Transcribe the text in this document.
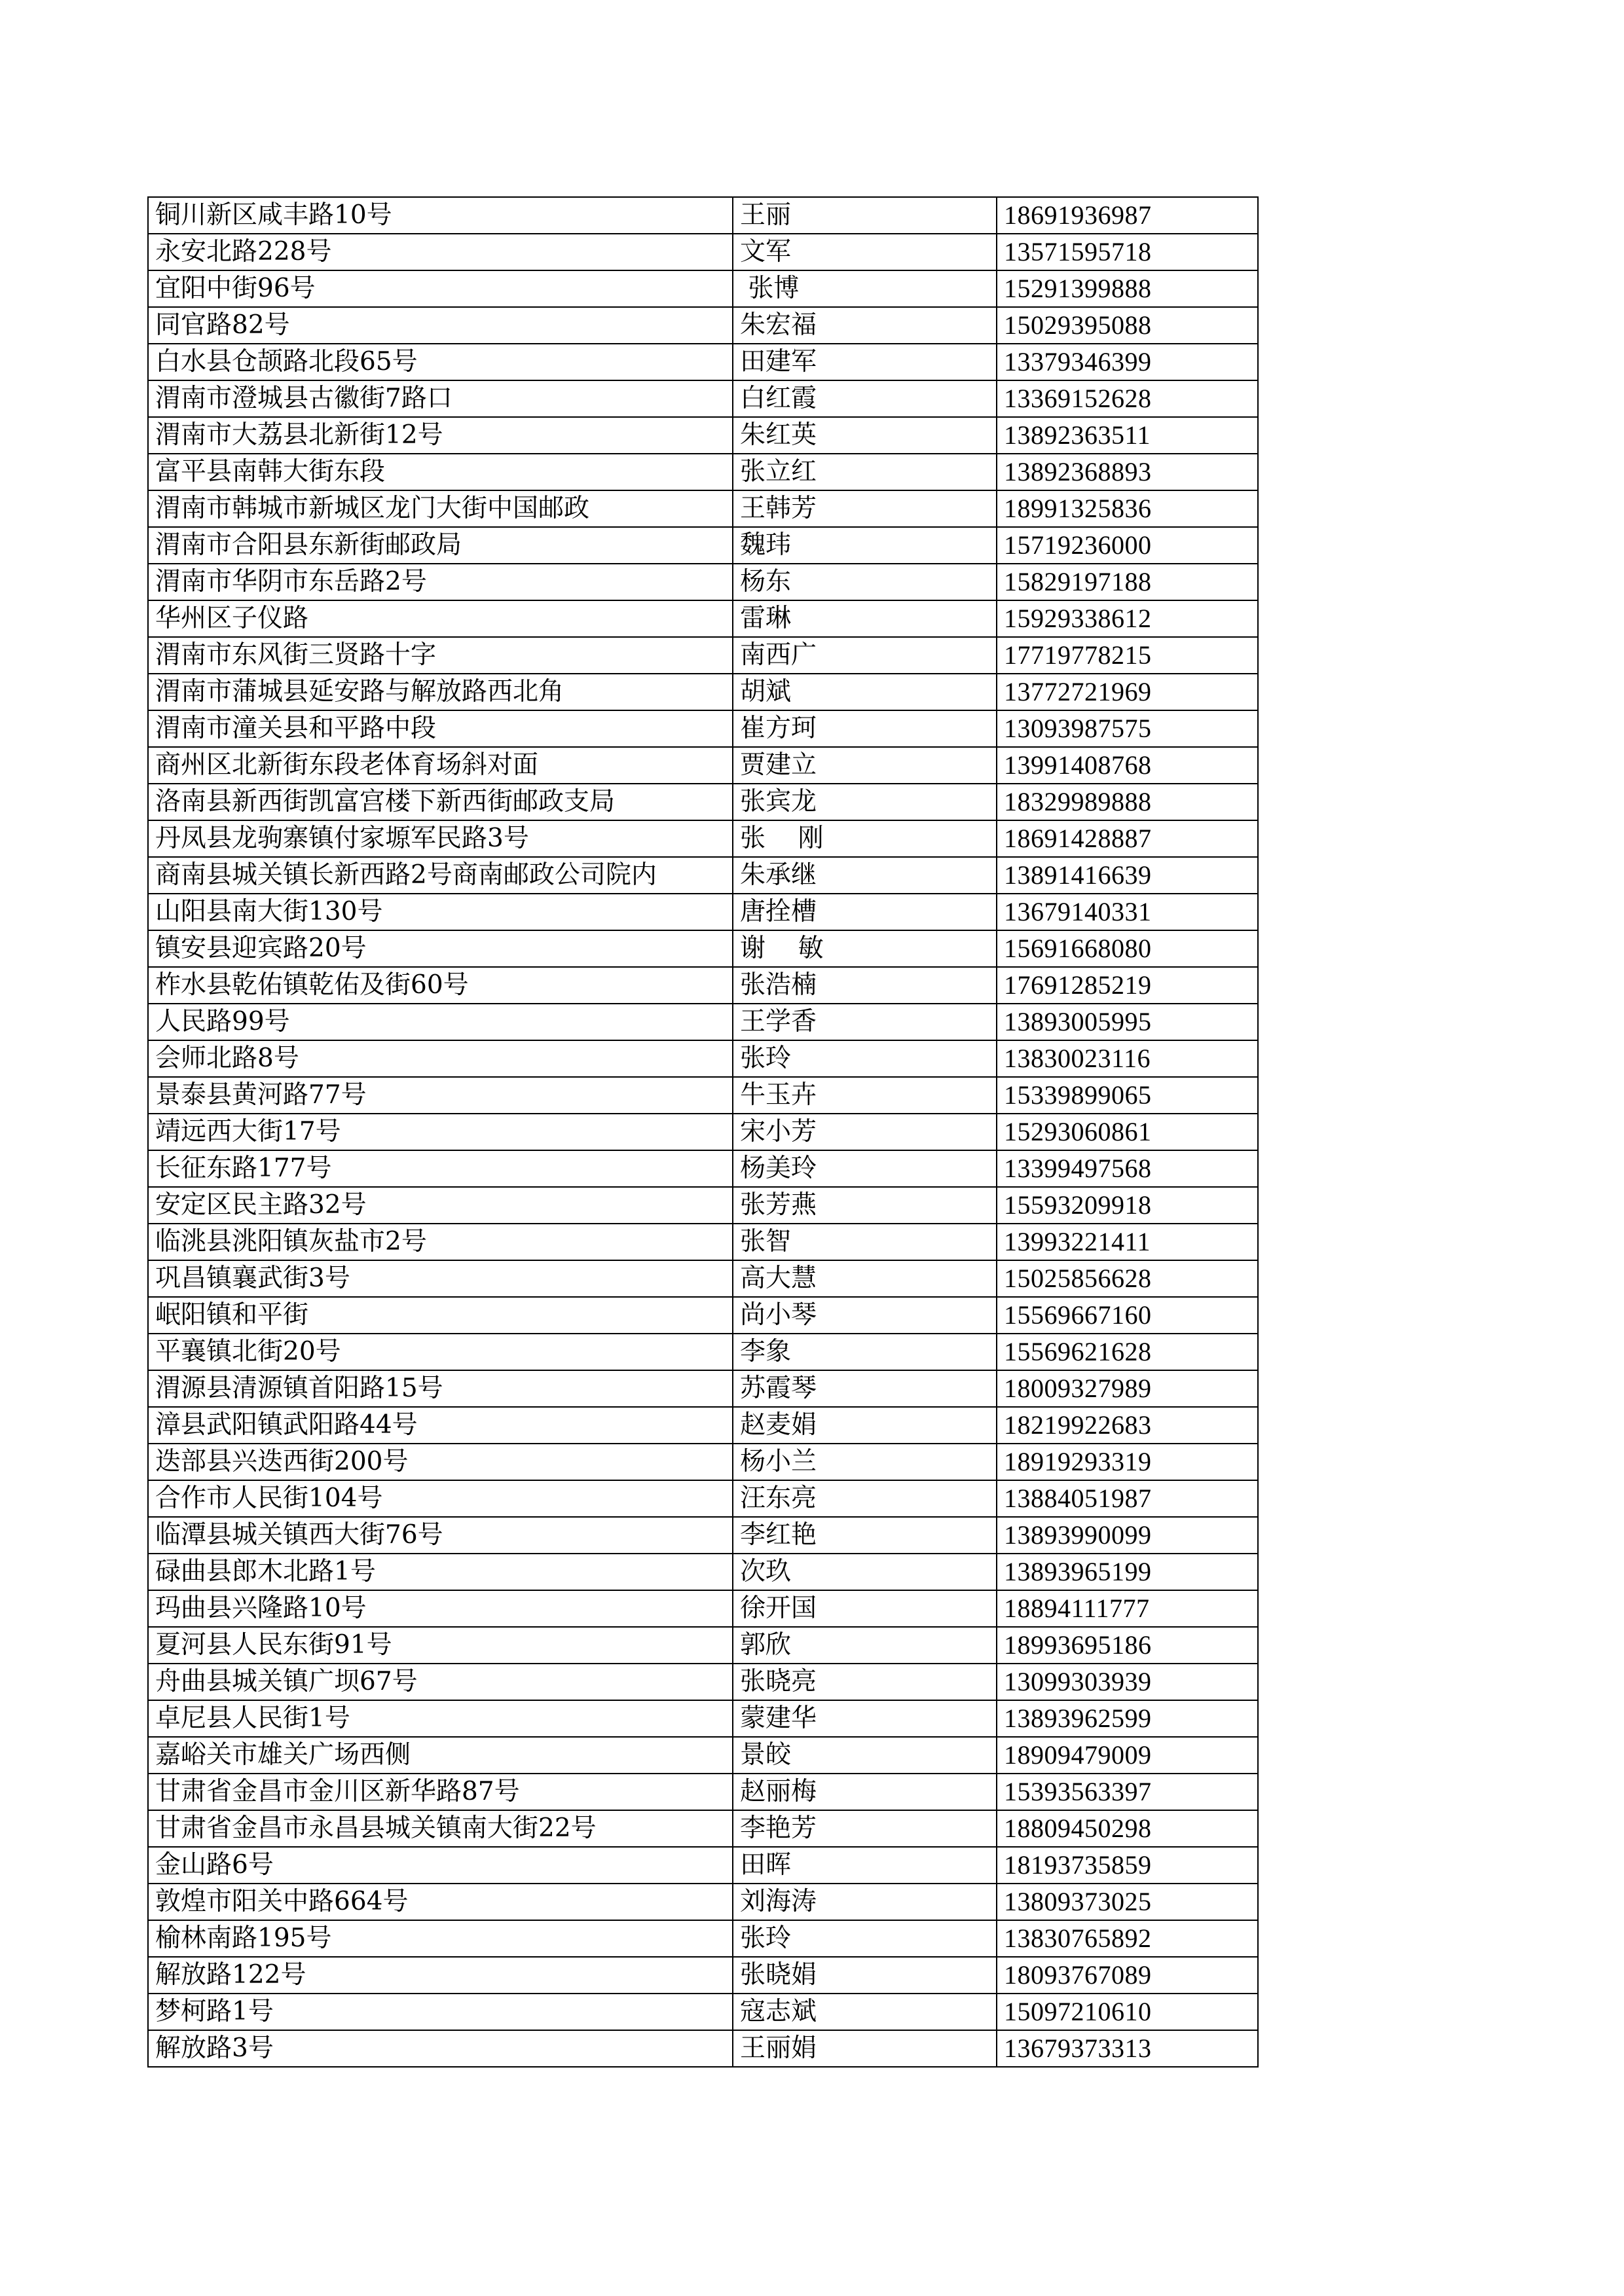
铜川新区咸丰路10号	王丽	18691936987
永安北路228号	文军	13571595718
宜阳中街96号	张博	15291399888
同官路82号	朱宏福	15029395088
白水县仓颉路北段65号	田建军	13379346399
渭南市澄城县古徽街7路口	白红霞	13369152628
渭南市大荔县北新街12号	朱红英	13892363511
富平县南韩大街东段	张立红	13892368893
渭南市韩城市新城区龙门大街中国邮政	王韩芳	18991325836
渭南市合阳县东新街邮政局	魏玮	15719236000
渭南市华阴市东岳路2号	杨东	15829197188
华州区子仪路	雷琳	15929338612
渭南市东风街三贤路十字	南西广	17719778215
渭南市蒲城县延安路与解放路西北角	胡斌	13772721969
渭南市潼关县和平路中段	崔方珂	13093987575
商州区北新街东段老体育场斜对面	贾建立	13991408768
洛南县新西街凯富宫楼下新西街邮政支局	张宾龙	18329989888
丹凤县龙驹寨镇付家塬军民路3号	张    刚	18691428887
商南县城关镇长新西路2号商南邮政公司院内	朱承继	13891416639
山阳县南大街130号	唐拴槽	13679140331
镇安县迎宾路20号	谢    敏	15691668080
柞水县乾佑镇乾佑及街60号	张浩楠	17691285219
人民路99号	王学香	13893005995
会师北路8号	张玲	13830023116
景泰县黄河路77号	牛玉卉	15339899065
靖远西大街17号	宋小芳	15293060861
长征东路177号	杨美玲	13399497568
安定区民主路32号	张芳燕	15593209918
临洮县洮阳镇灰盐市2号	张智	13993221411
巩昌镇襄武街3号	高大慧	15025856628
岷阳镇和平街	尚小琴	15569667160
平襄镇北街20号	李象	15569621628
渭源县清源镇首阳路15号	苏霞琴	18009327989
漳县武阳镇武阳路44号	赵麦娟	18219922683
迭部县兴迭西街200号	杨小兰	18919293319
合作市人民街104号	汪东亮	13884051987
临潭县城关镇西大街76号	李红艳	13893990099
碌曲县郎木北路1号	次玖	13893965199
玛曲县兴隆路10号	徐开国	18894111777
夏河县人民东街91号	郭欣	18993695186
舟曲县城关镇广坝67号	张晓亮	13099303939
卓尼县人民街1号	蒙建华	13893962599
嘉峪关市雄关广场西侧	景皎	18909479009
甘肃省金昌市金川区新华路87号	赵丽梅	15393563397
甘肃省金昌市永昌县城关镇南大街22号	李艳芳	18809450298
金山路6号	田晖	18193735859
敦煌市阳关中路664号	刘海涛	13809373025
榆林南路195号	张玲	13830765892
解放路122号	张晓娟	18093767089
梦柯路1号	寇志斌	15097210610
解放路3号	王丽娟	13679373313
